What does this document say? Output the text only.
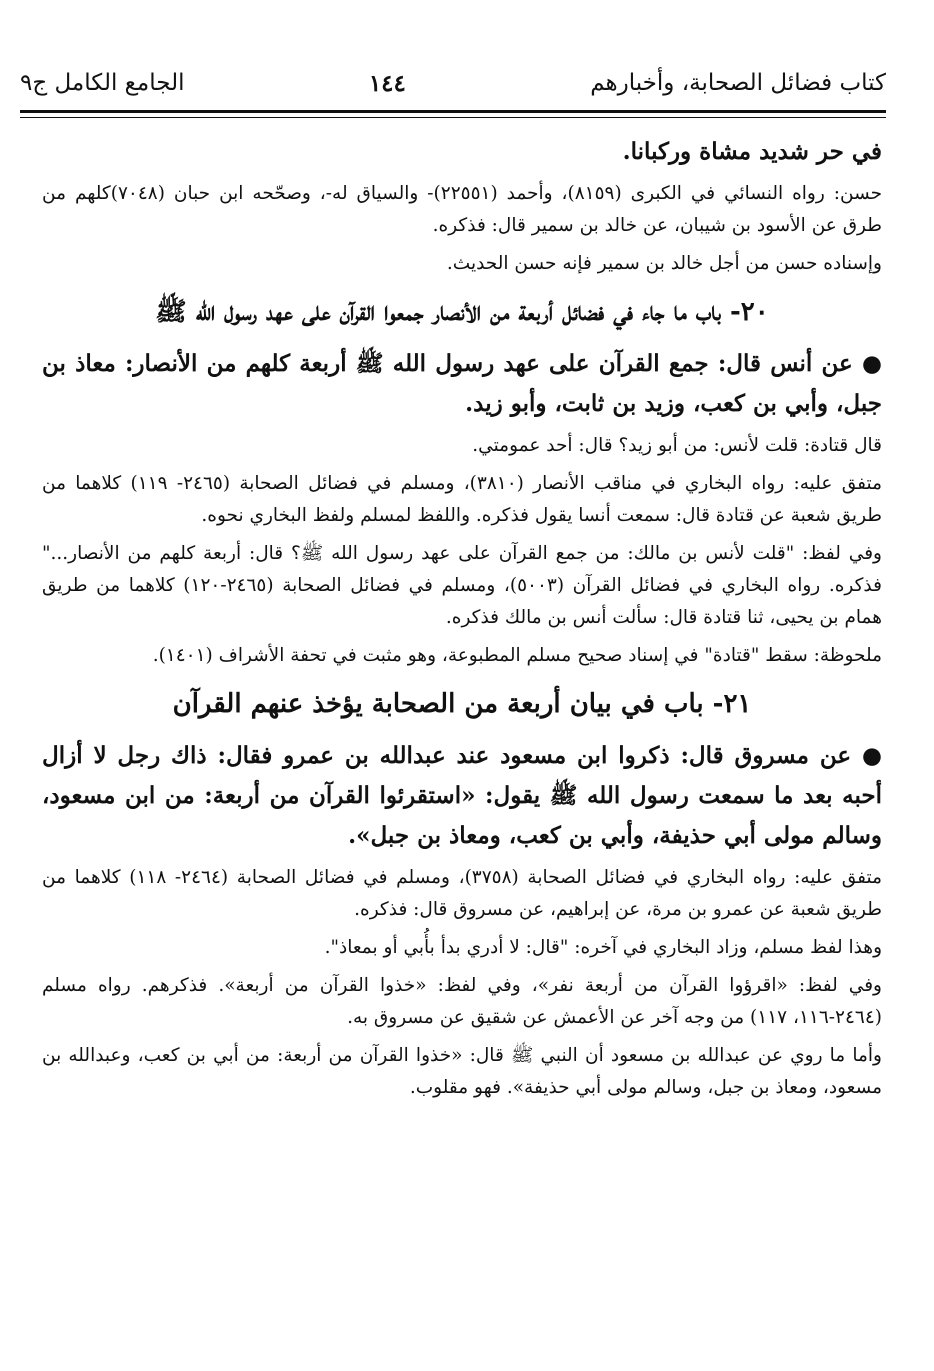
كتاب فضائل الصحابة، وأخبارهم
١٤٤
الجامع الكامل ج٩

في حر شديد مشاة وركبانا.

حسن: رواه النسائي في الكبرى (٨١٥٩)، وأحمد (٢٢٥٥١)- والسياق له-، وصحّحه ابن حبان (٧٠٤٨)كلهم من طرق عن الأسود بن شيبان، عن خالد بن سمير قال: فذكره.

وإسناده حسن من أجل خالد بن سمير فإنه حسن الحديث.

٢٠- باب ما جاء في فضائل أربعة من الأنصار جمعوا القرآن على عهد رسول الله ﷺ

● عن أنس قال: جمع القرآن على عهد رسول الله ﷺ أربعة كلهم من الأنصار: معاذ بن جبل، وأبي بن كعب، وزيد بن ثابت، وأبو زيد.

قال قتادة: قلت لأنس: من أبو زيد؟ قال: أحد عمومتي.

متفق عليه: رواه البخاري في مناقب الأنصار (٣٨١٠)، ومسلم في فضائل الصحابة (٢٤٦٥- ١١٩) كلاهما من طريق شعبة عن قتادة قال: سمعت أنسا يقول فذكره. واللفظ لمسلم ولفظ البخاري نحوه.

وفي لفظ: "قلت لأنس بن مالك: من جمع القرآن على عهد رسول الله ﷺ؟ قال: أربعة كلهم من الأنصار..." فذكره. رواه البخاري في فضائل القرآن (٥٠٠٣)، ومسلم في فضائل الصحابة (٢٤٦٥-١٢٠) كلاهما من طريق همام بن يحيى، ثنا قتادة قال: سألت أنس بن مالك فذكره.

ملحوظة: سقط "قتادة" في إسناد صحيح مسلم المطبوعة، وهو مثبت في تحفة الأشراف (١٤٠١).

٢١- باب في بيان أربعة من الصحابة يؤخذ عنهم القرآن

● عن مسروق قال: ذكروا ابن مسعود عند عبدالله بن عمرو فقال: ذاك رجل لا أزال أحبه بعد ما سمعت رسول الله ﷺ يقول: «استقرئوا القرآن من أربعة: من ابن مسعود، وسالم مولى أبي حذيفة، وأبي بن كعب، ومعاذ بن جبل».

متفق عليه: رواه البخاري في فضائل الصحابة (٣٧٥٨)، ومسلم في فضائل الصحابة (٢٤٦٤- ١١٨) كلاهما من طريق شعبة عن عمرو بن مرة، عن إبراهيم، عن مسروق قال: فذكره.

وهذا لفظ مسلم، وزاد البخاري في آخره: "قال: لا أدري بدأ بأُبي أو بمعاذ".

وفي لفظ: «اقرؤوا القرآن من أربعة نفر»، وفي لفظ: «خذوا القرآن من أربعة». فذكرهم. رواه مسلم (٢٤٦٤-١١٦، ١١٧) من وجه آخر عن الأعمش عن شقيق عن مسروق به.

وأما ما روي عن عبدالله بن مسعود أن النبي ﷺ قال: «خذوا القرآن من أربعة: من أبي بن كعب، وعبدالله بن مسعود، ومعاذ بن جبل، وسالم مولى أبي حذيفة». فهو مقلوب.
